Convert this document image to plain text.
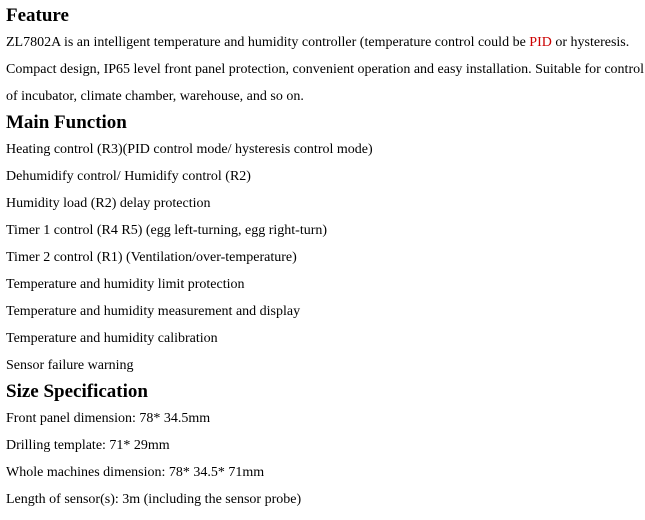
Feature
ZL7802A is an intelligent temperature and humidity controller (temperature control could be PID or hysteresis.
Compact design, IP65 level front panel protection, convenient operation and easy installation. Suitable for control
of incubator, climate chamber, warehouse, and so on.
Main Function
Heating control (R3)(PID control mode/ hysteresis control mode)
Dehumidify control/ Humidify control (R2)
Humidity load (R2) delay protection
Timer 1 control (R4 R5) (egg left-turning, egg right-turn)
Timer 2 control (R1) (Ventilation/over-temperature)
Temperature and humidity limit protection
Temperature and humidity measurement and display
Temperature and humidity calibration
Sensor failure warning
Size Specification
Front panel dimension: 78* 34.5mm
Drilling template: 71* 29mm
Whole machines dimension: 78* 34.5* 71mm
Length of sensor(s): 3m (including the sensor probe)
